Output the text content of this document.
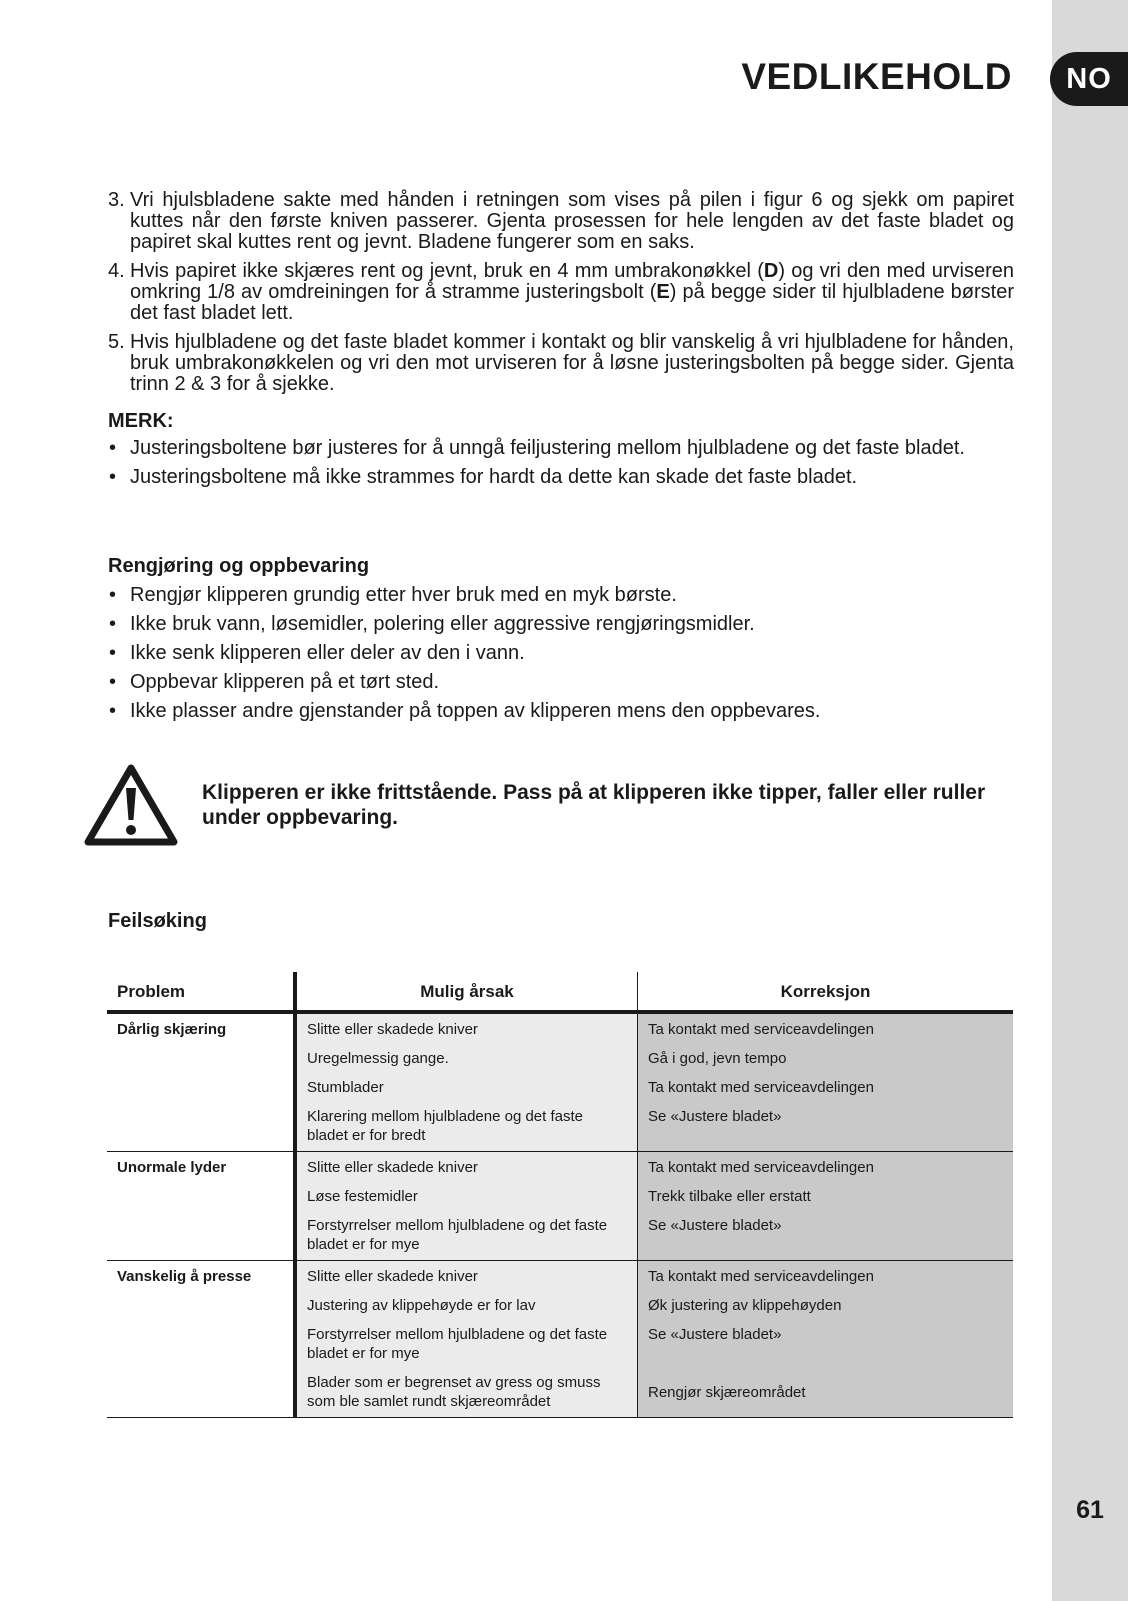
NO
VEDLIKEHOLD
61
3. Vri hjulsbladene sakte med hånden i retningen som vises på pilen i figur 6 og sjekk om papiret kuttes når den første kniven passerer. Gjenta prosessen for hele lengden av det faste bladet og papiret skal kuttes rent og jevnt. Bladene fungerer som en saks.
4. Hvis papiret ikke skjæres rent og jevnt, bruk en 4 mm umbrakonøkkel (D) og vri den med urviseren omkring 1/8 av omdreiningen for å stramme justeringsbolt (E) på begge sider til hjulbladene børster det fast bladet lett.
5. Hvis hjulbladene og det faste bladet kommer i kontakt og blir vanskelig å vri hjulbladene for hånden, bruk umbrakonøkkelen og vri den mot urviseren for å løsne justeringsbolten på begge sider. Gjenta trinn 2 & 3 for å sjekke.
MERK:
• Justeringsboltene bør justeres for å unngå feiljustering mellom hjulbladene og det faste bladet.
• Justeringsboltene må ikke strammes for hardt da dette kan skade det faste bladet.
Rengjøring og oppbevaring
• Rengjør klipperen grundig etter hver bruk med en myk børste.
• Ikke bruk vann, løsemidler, polering eller aggressive rengjøringsmidler.
• Ikke senk klipperen eller deler av den i vann.
• Oppbevar klipperen på et tørt sted.
• Ikke plasser andre gjenstander på toppen av klipperen mens den oppbevares.
Klipperen er ikke frittstående. Pass på at klipperen ikke tipper, faller eller ruller under oppbevaring.
Feilsøking
Problem	Mulig årsak	Korreksjon
Dårlig skjæring	Slitte eller skadede kniver	Ta kontakt med serviceavdelingen
	Uregelmessig gange.	Gå i god, jevn tempo
	Stumblader	Ta kontakt med serviceavdelingen
	Klarering mellom hjulbladene og det faste bladet er for bredt	Se «Justere bladet»
Unormale lyder	Slitte eller skadede kniver	Ta kontakt med serviceavdelingen
	Løse festemidler	Trekk tilbake eller erstatt
	Forstyrrelser mellom hjulbladene og det faste bladet er for mye	Se «Justere bladet»
Vanskelig å presse	Slitte eller skadede kniver	Ta kontakt med serviceavdelingen
	Justering av klippehøyde er for lav	Øk justering av klippehøyden
	Forstyrrelser mellom hjulbladene og det faste bladet er for mye	Se «Justere bladet»
	Blader som er begrenset av gress og smuss som ble samlet rundt skjæreområdet	Rengjør skjæreområdet
